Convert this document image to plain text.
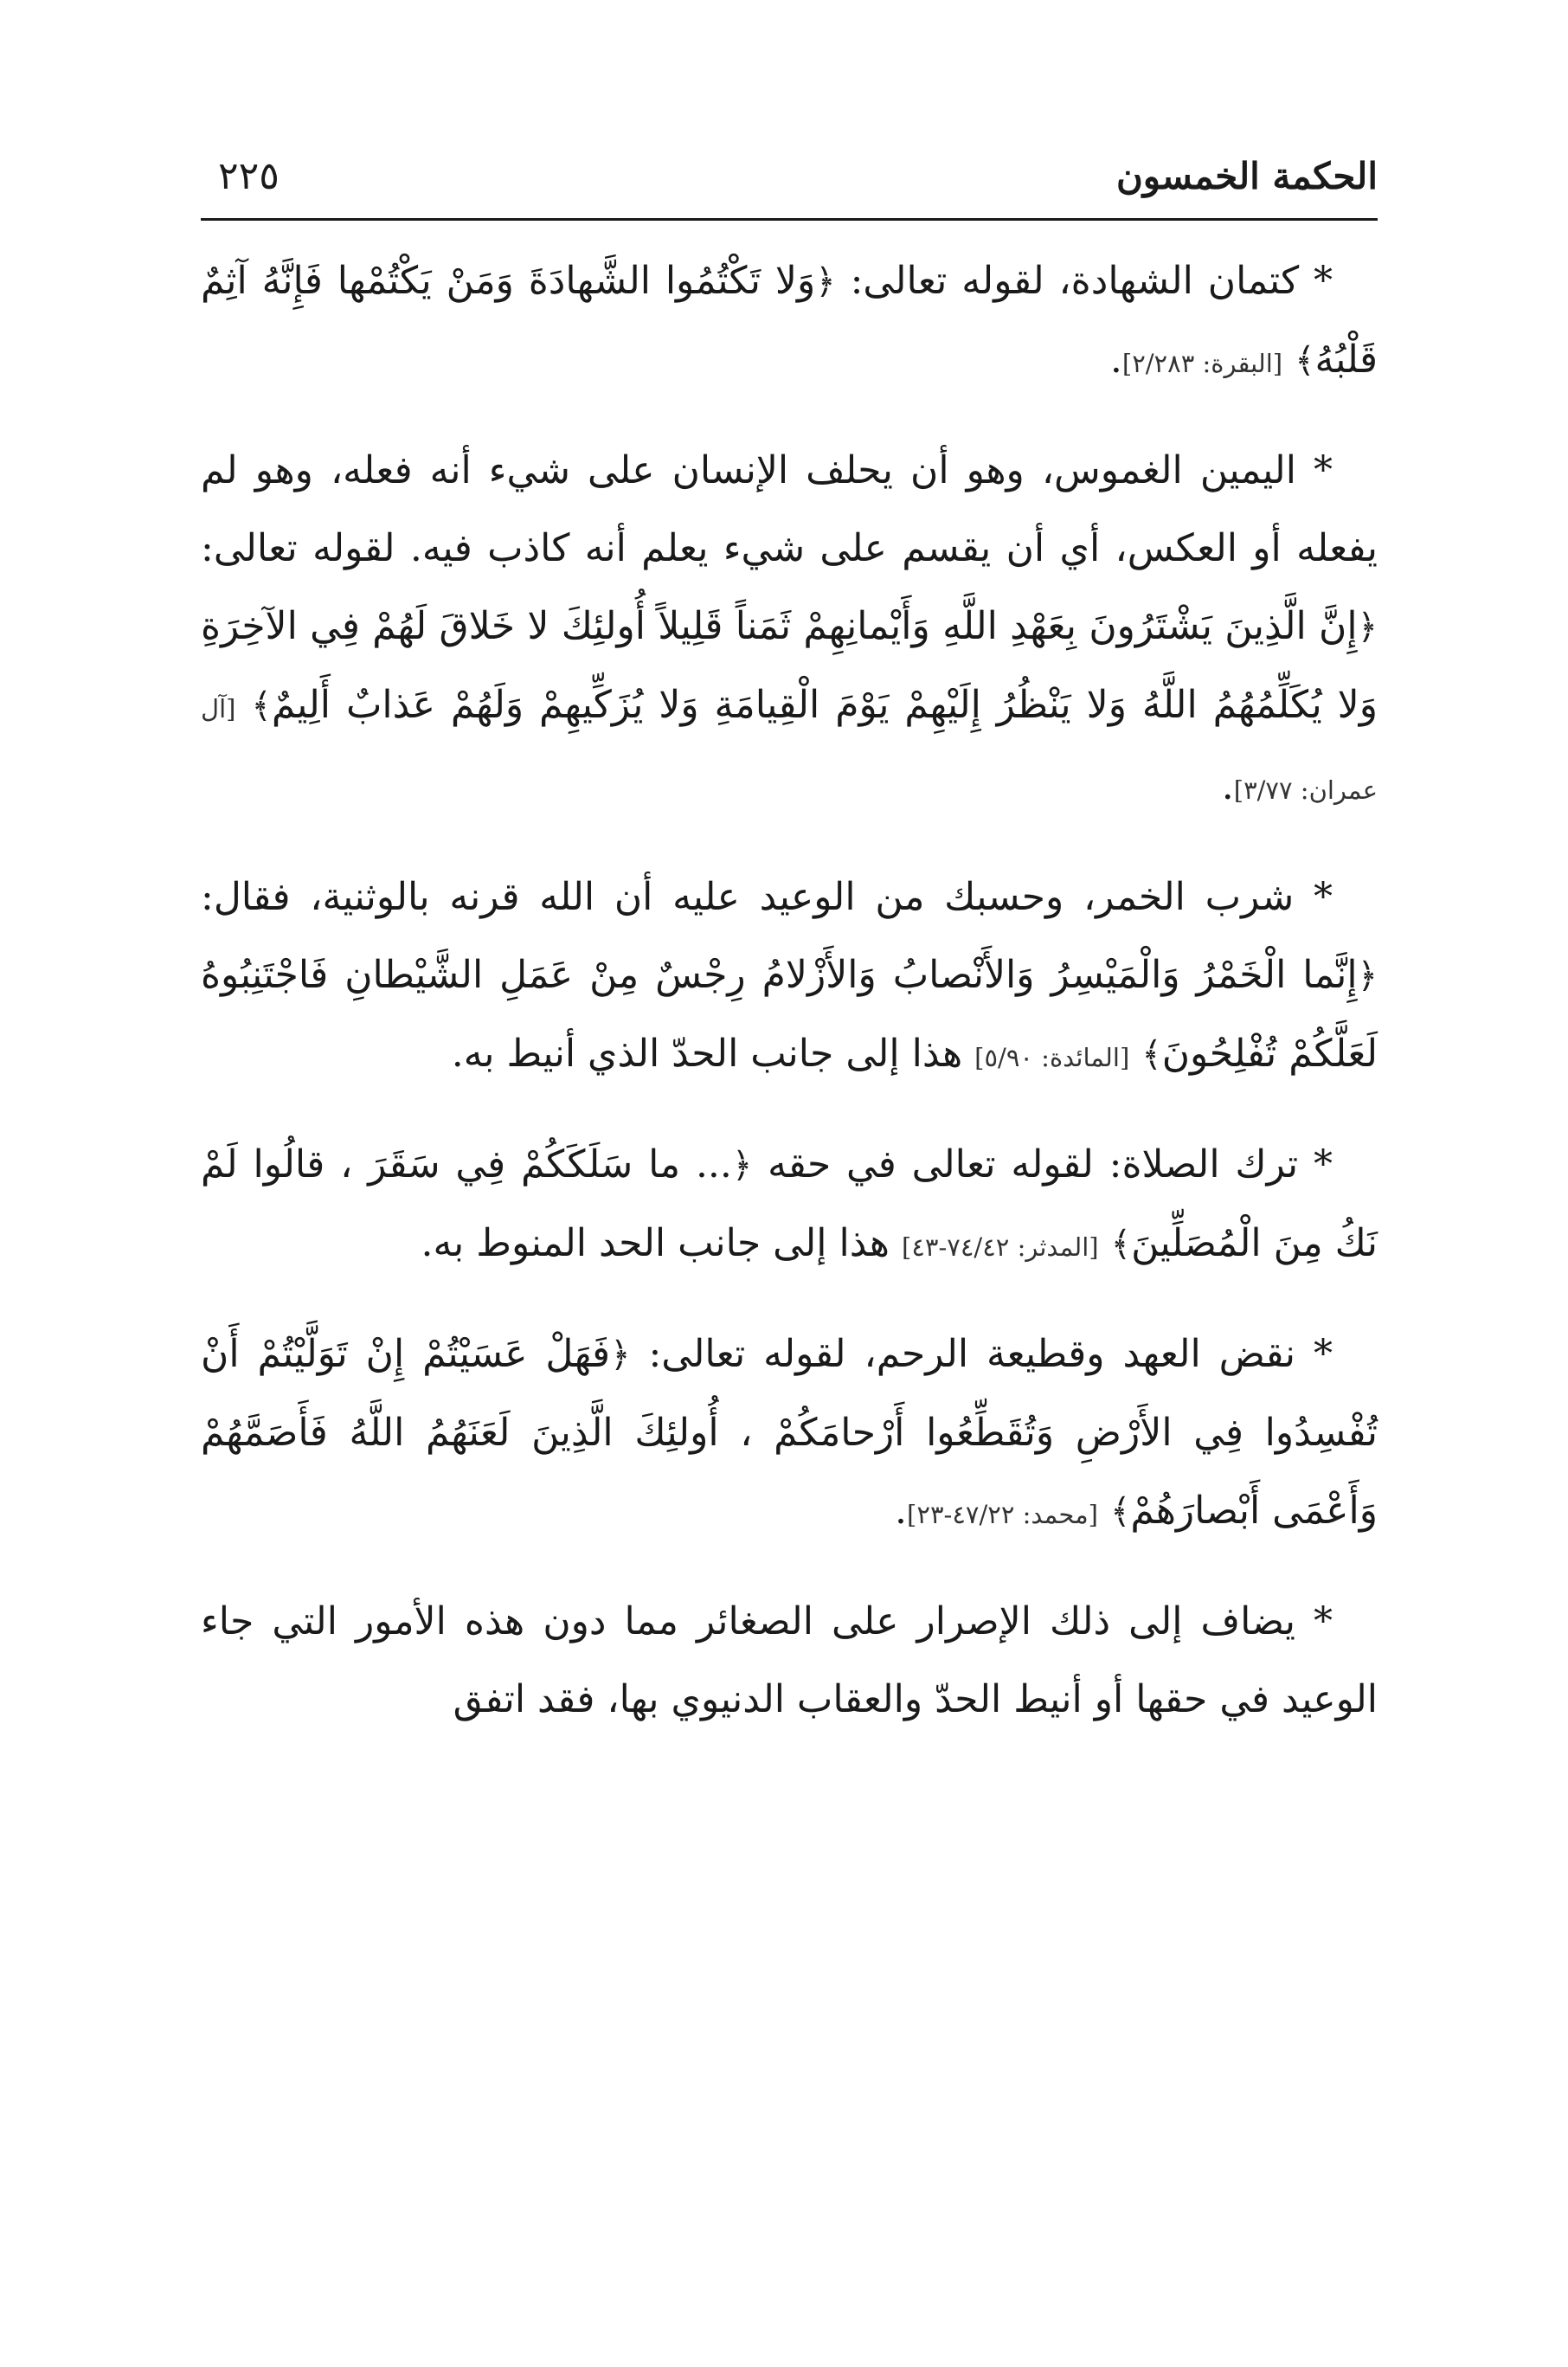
الحكمة الخمسون
٢٢٥

* كتمان الشهادة، لقوله تعالى: ﴿وَلا تَكْتُمُوا الشَّهادَةَ وَمَنْ يَكْتُمْها فَإِنَّهُ آثِمٌ قَلْبُهُ﴾ [البقرة: ٢/٢٨٣].

* اليمين الغموس، وهو أن يحلف الإنسان على شيء أنه فعله، وهو لم يفعله أو العكس، أي أن يقسم على شيء يعلم أنه كاذب فيه. لقوله تعالى: ﴿إِنَّ الَّذِينَ يَشْتَرُونَ بِعَهْدِ اللَّهِ وَأَيْمانِهِمْ ثَمَناً قَلِيلاً أُولئِكَ لا خَلاقَ لَهُمْ فِي الآخِرَةِ وَلا يُكَلِّمُهُمُ اللَّهُ وَلا يَنْظُرُ إِلَيْهِمْ يَوْمَ الْقِيامَةِ وَلا يُزَكِّيهِمْ وَلَهُمْ عَذابٌ أَلِيمٌ﴾ [آل عمران: ٣/٧٧].

* شرب الخمر، وحسبك من الوعيد عليه أن الله قرنه بالوثنية، فقال: ﴿إِنَّما الْخَمْرُ وَالْمَيْسِرُ وَالأَنْصابُ وَالأَزْلامُ رِجْسٌ مِنْ عَمَلِ الشَّيْطانِ فَاجْتَنِبُوهُ لَعَلَّكُمْ تُفْلِحُونَ﴾ [المائدة: ٥/٩٠] هذا إلى جانب الحدّ الذي أنيط به.

* ترك الصلاة: لقوله تعالى في حقه ﴿... ما سَلَكَكُمْ فِي سَقَرَ ، قالُوا لَمْ نَكُ مِنَ الْمُصَلِّينَ﴾ [المدثر: ٧٤/٤٢-٤٣] هذا إلى جانب الحد المنوط به.

* نقض العهد وقطيعة الرحم، لقوله تعالى: ﴿فَهَلْ عَسَيْتُمْ إِنْ تَوَلَّيْتُمْ أَنْ تُفْسِدُوا فِي الأَرْضِ وَتُقَطِّعُوا أَرْحامَكُمْ ، أُولئِكَ الَّذِينَ لَعَنَهُمُ اللَّهُ فَأَصَمَّهُمْ وَأَعْمَى أَبْصارَهُمْ﴾ [محمد: ٤٧/٢٢-٢٣].

* يضاف إلى ذلك الإصرار على الصغائر مما دون هذه الأمور التي جاء الوعيد في حقها أو أنيط الحدّ والعقاب الدنيوي بها، فقد اتفق
